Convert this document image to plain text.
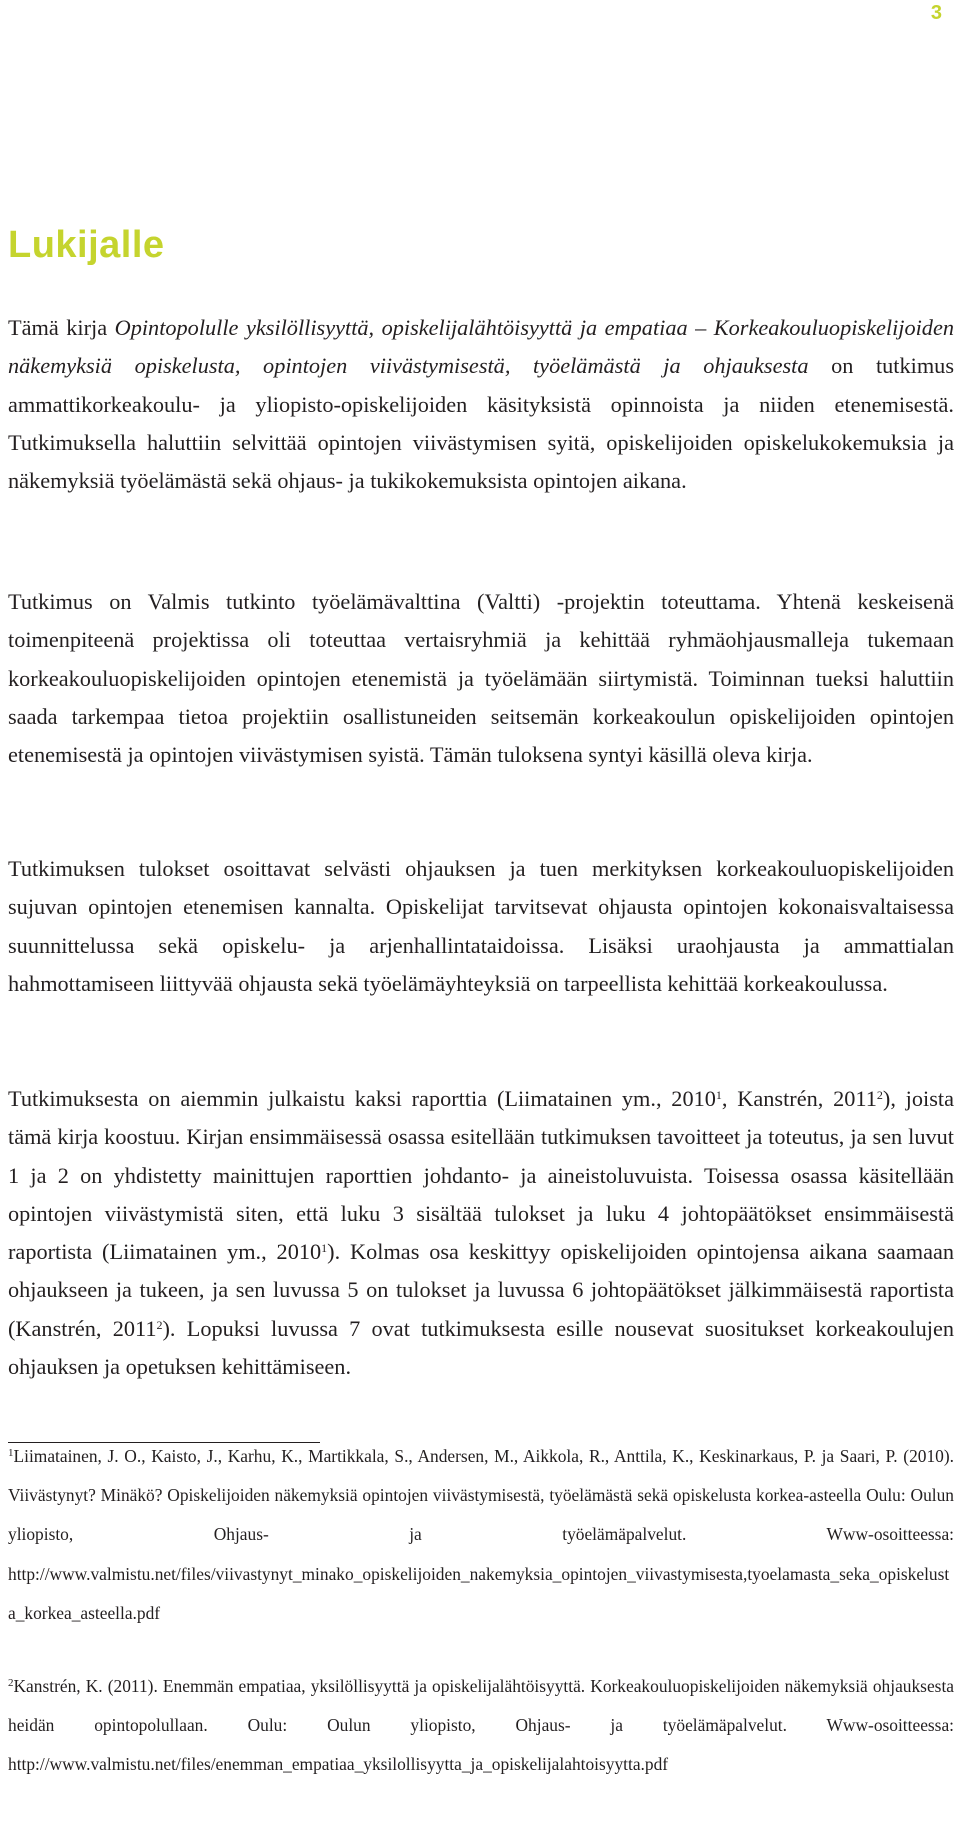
3
Lukijalle

Tämä kirja Opintopolulle yksilöllisyyttä, opiskelijalähtöisyyttä ja empatiaa – Korkeakouluopiskelijoiden näkemyksiä opiskelusta, opintojen viivästymisestä, työelämästä ja ohjauksesta on tutkimus ammattikorkeakoulu- ja yliopisto-opiskelijoiden käsityksistä opinnoista ja niiden etenemisestä. Tutkimuksella haluttiin selvittää opintojen viivästymisen syitä, opiskelijoiden opiskelukokemuksia ja näkemyksiä työelämästä sekä ohjaus- ja tukikokemuksista opintojen aikana.

Tutkimus on Valmis tutkinto työelämävalttina (Valtti) -projektin toteuttama. Yhtenä keskeisenä toimenpiteenä projektissa oli toteuttaa vertaisryhmiä ja kehittää ryhmäohjausmalleja tukemaan korkeakouluopiskelijoiden opintojen etenemistä ja työelämään siirtymistä. Toiminnan tueksi haluttiin saada tarkempaa tietoa projektiin osallistuneiden seitsemän korkeakoulun opiskelijoiden opintojen etenemisestä ja opintojen viivästymisen syistä. Tämän tuloksena syntyi käsillä oleva kirja.

Tutkimuksen tulokset osoittavat selvästi ohjauksen ja tuen merkityksen korkeakouluopiskelijoiden sujuvan opintojen etenemisen kannalta. Opiskelijat tarvitsevat ohjausta opintojen kokonaisvaltaisessa suunnittelussa sekä opiskelu- ja arjenhallintataidoissa. Lisäksi uraohjausta ja ammattialan hahmottamiseen liittyvää ohjausta sekä työelämäyhteyksiä on tarpeellista kehittää korkeakoulussa.

Tutkimuksesta on aiemmin julkaistu kaksi raporttia (Liimatainen ym., 2010$^1$, Kanstrén, 2011$^2$), joista tämä kirja koostuu. Kirjan ensimmäisessä osassa esitellään tutkimuksen tavoitteet ja toteutus, ja sen luvut 1 ja 2 on yhdistetty mainittujen raporttien johdanto- ja aineistoluvuista. Toisessa osassa käsitellään opintojen viivästymistä siten, että luku 3 sisältää tulokset ja luku 4 johtopäätökset ensimmäisestä raportista (Liimatainen ym., 2010$^1$). Kolmas osa keskittyy opiskelijoiden opintojensa aikana saamaan ohjaukseen ja tukeen, ja sen luvussa 5 on tulokset ja luvussa 6 johtopäätökset jälkimmäisestä raportista (Kanstrén, 2011$^2$). Lopuksi luvussa 7 ovat tutkimuksesta esille nousevat suositukset korkeakoulujen ohjauksen ja opetuksen kehittämiseen.

$^1$Liimatainen, J. O., Kaisto, J., Karhu, K., Martikkala, S., Andersen, M., Aikkola, R., Anttila, K., Keskinarkaus, P. ja Saari, P. (2010). Viivästynyt? Minäkö? Opiskelijoiden näkemyksiä opintojen viivästymisestä, työelämästä sekä opiskelusta korkea-asteella Oulu: Oulun yliopisto, Ohjaus- ja työelämäpalvelut. Www-osoitteessa: http://www.valmistu.net/files/viivastynyt_minako_opiskelijoiden_nakemyksia_opintojen_viivastymisesta,tyoelamasta_seka_opiskelusta_korkea_asteella.pdf

$^2$Kanstrén, K. (2011). Enemmän empatiaa, yksilöllisyyttä ja opiskelijalähtöisyyttä. Korkeakouluopiskelijoiden näkemyksiä ohjauksesta heidän opintopolullaan. Oulu: Oulun yliopisto, Ohjaus- ja työelämäpalvelut. Www-osoitteessa: http://www.valmistu.net/files/enemman_empatiaa_yksilollisyytta_ja_opiskelijalahtoisyytta.pdf
